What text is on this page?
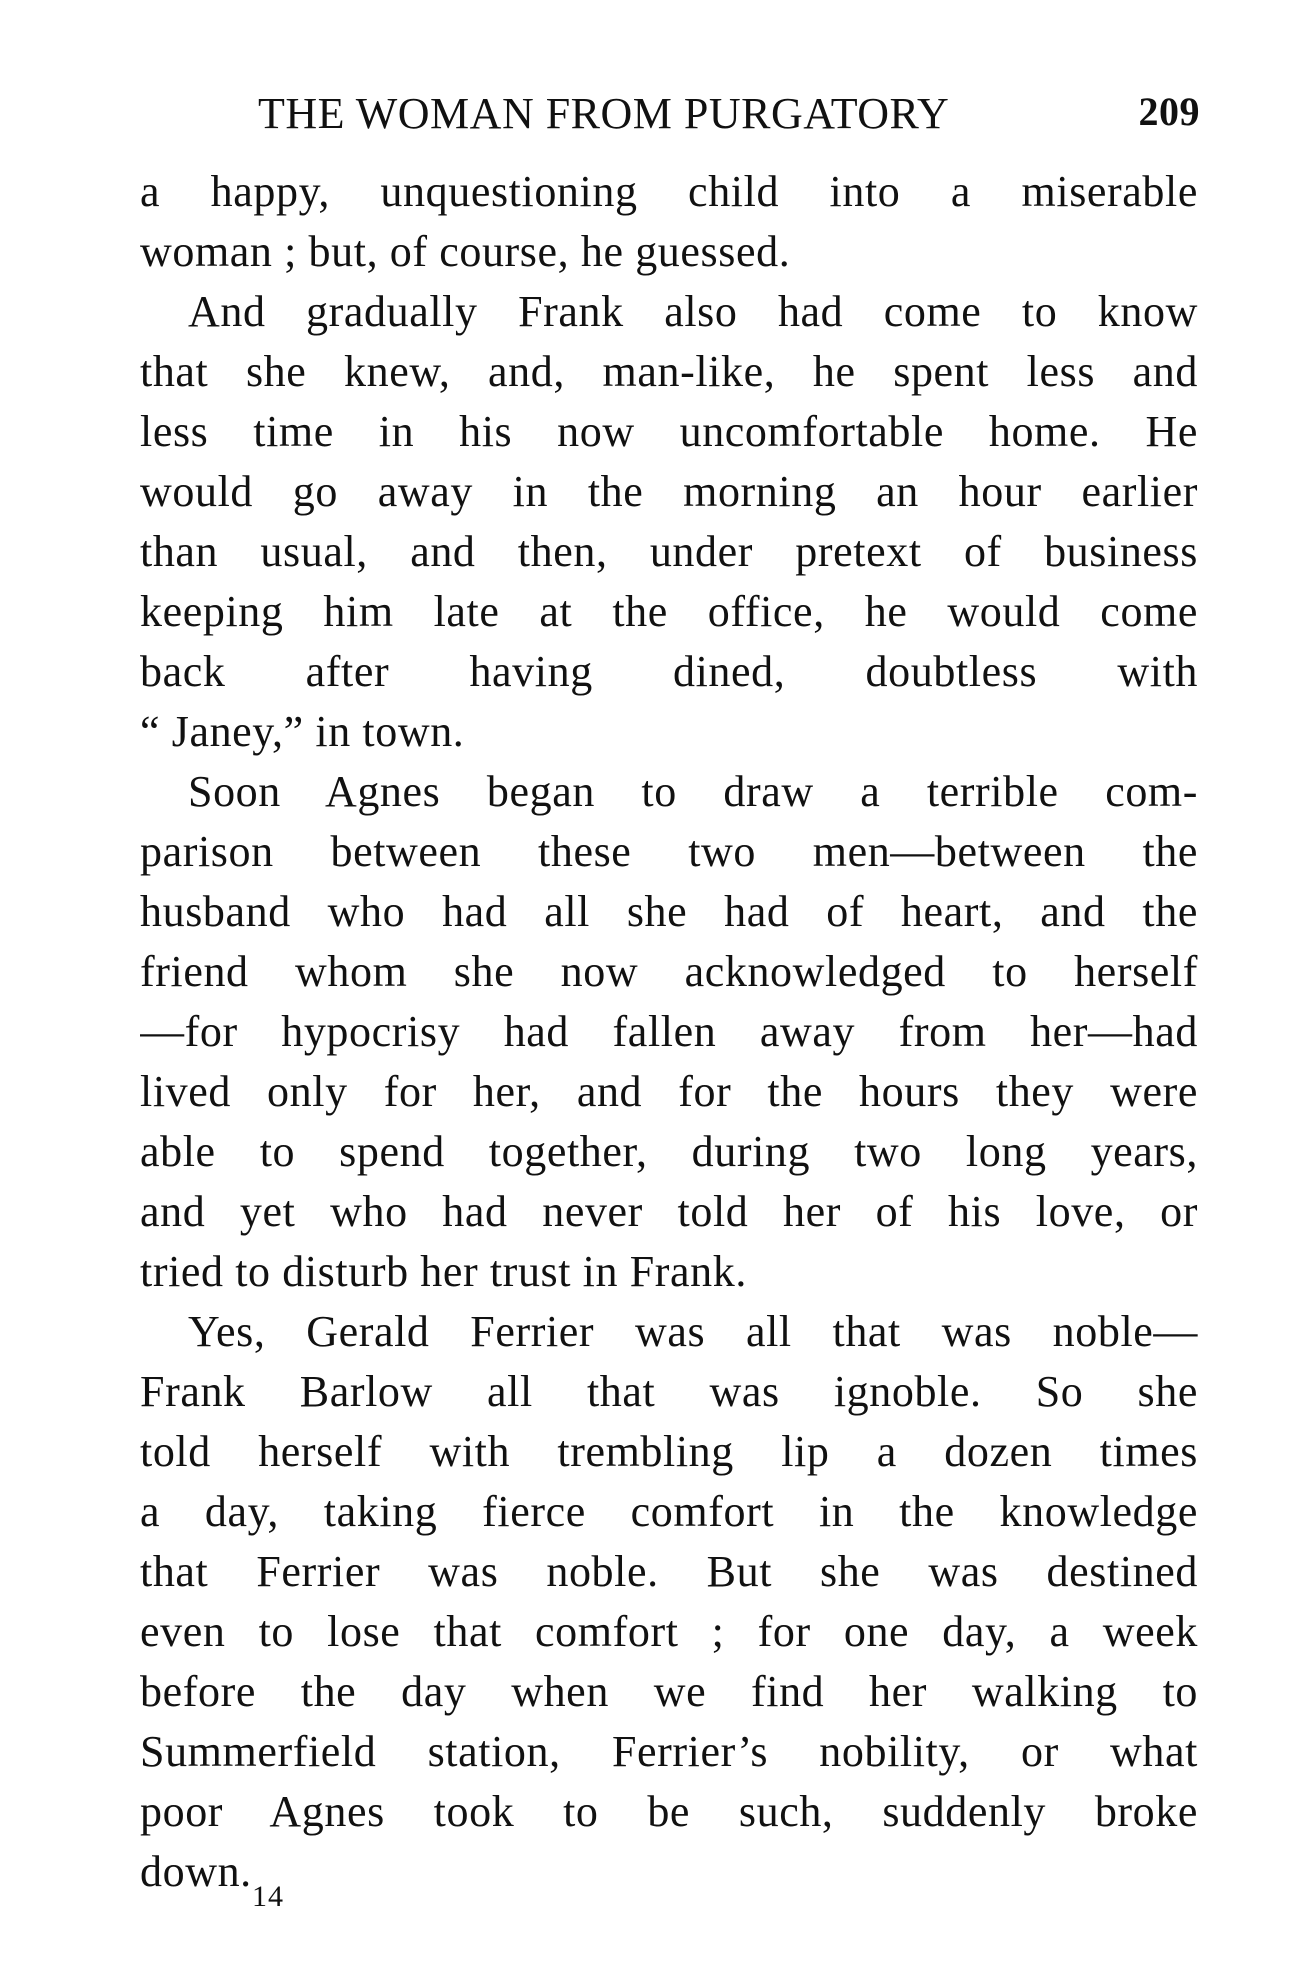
THE WOMAN FROM PURGATORY	209
a happy, unquestioning child into a miserable
woman ; but, of course, he guessed.
And gradually Frank also had come to know
that she knew, and, man-like, he spent less and
less time in his now uncomfortable home. He
would go away in the morning an hour earlier
than usual, and then, under pretext of business
keeping him late at the office, he would come
back after having dined, doubtless with
“ Janey,” in town.
Soon Agnes began to draw a terrible com-
parison between these two men—between the
husband who had all she had of heart, and the
friend whom she now acknowledged to herself
—for hypocrisy had fallen away from her—had
lived only for her, and for the hours they were
able to spend together, during two long years,
and yet who had never told her of his love, or
tried to disturb her trust in Frank.
Yes, Gerald Ferrier was all that was noble—
Frank Barlow all that was ignoble. So she
told herself with trembling lip a dozen times
a day, taking fierce comfort in the knowledge
that Ferrier was noble. But she was destined
even to lose that comfort ; for one day, a week
before the day when we find her walking to
Summerfield station, Ferrier’s nobility, or what
poor Agnes took to be such, suddenly broke
down.
14
